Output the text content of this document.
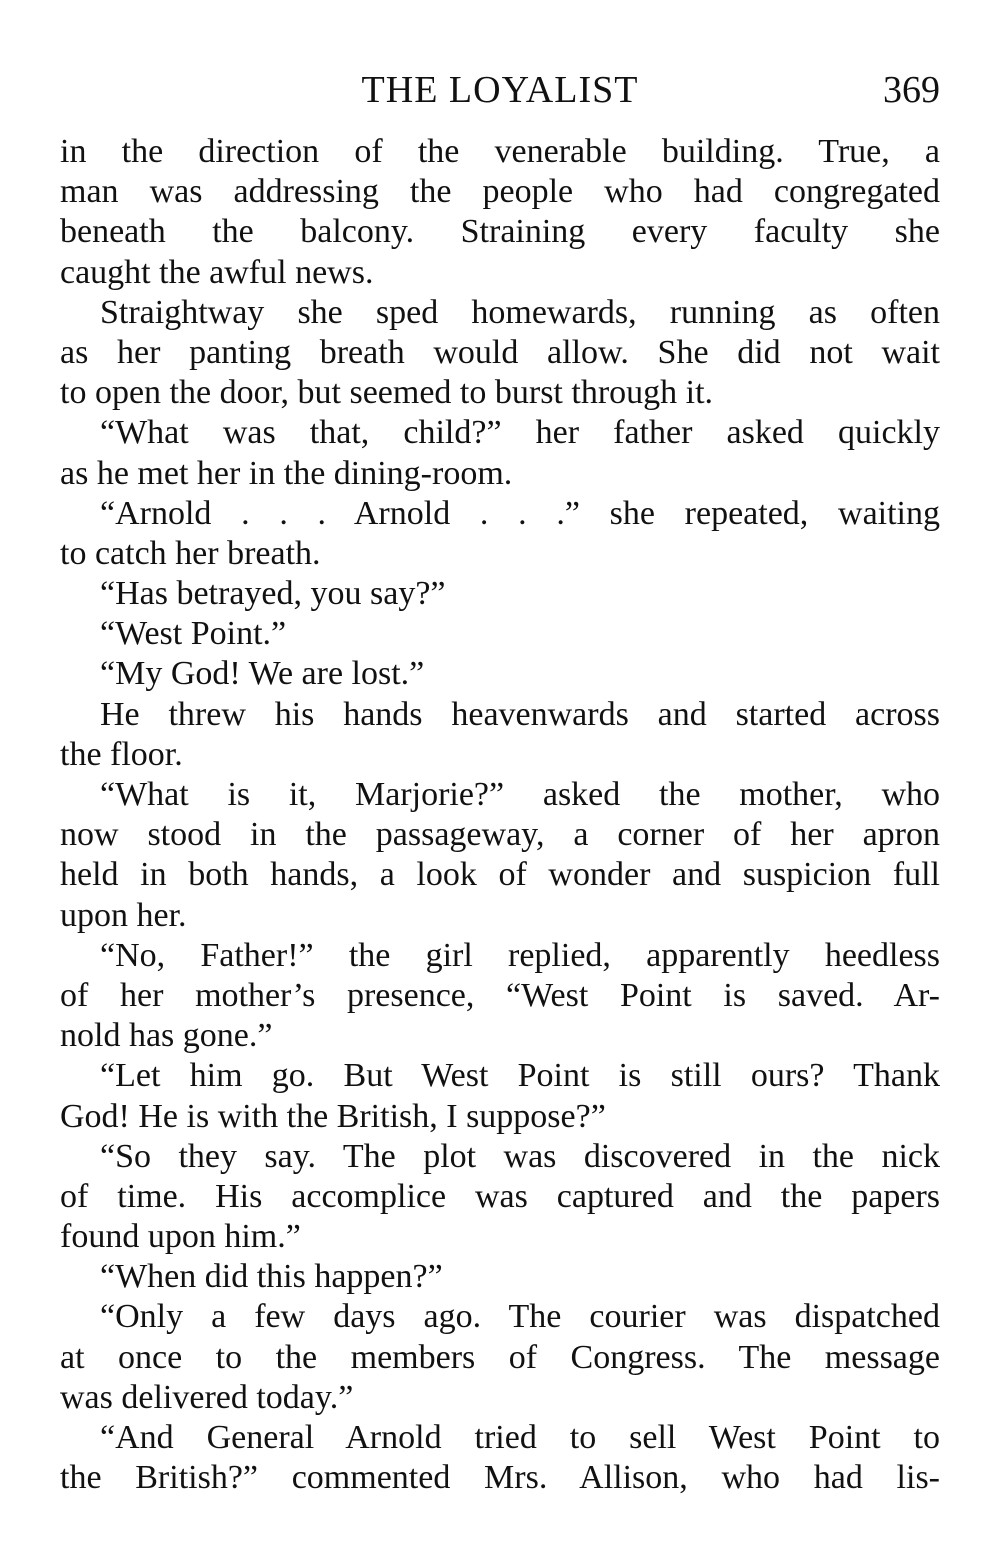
THE LOYALIST	369
in the direction of the venerable building. True, a
man was addressing the people who had congregated
beneath the balcony. Straining every faculty she
caught the awful news.
Straightway she sped homewards, running as often
as her panting breath would allow. She did not wait
to open the door, but seemed to burst through it.
“What was that, child?” her father asked quickly
as he met her in the dining-room.
“Arnold . . . Arnold . . .” she repeated, waiting
to catch her breath.
“Has betrayed, you say?”
“West Point.”
“My God! We are lost.”
He threw his hands heavenwards and started across
the floor.
“What is it, Marjorie?” asked the mother, who
now stood in the passageway, a corner of her apron
held in both hands, a look of wonder and suspicion full
upon her.
“No, Father!” the girl replied, apparently heedless
of her mother’s presence, “West Point is saved. Ar-
nold has gone.”
“Let him go. But West Point is still ours? Thank
God! He is with the British, I suppose?”
“So they say. The plot was discovered in the nick
of time. His accomplice was captured and the papers
found upon him.”
“When did this happen?”
“Only a few days ago. The courier was dispatched
at once to the members of Congress. The message
was delivered today.”
“And General Arnold tried to sell West Point to
the British?” commented Mrs. Allison, who had lis-
